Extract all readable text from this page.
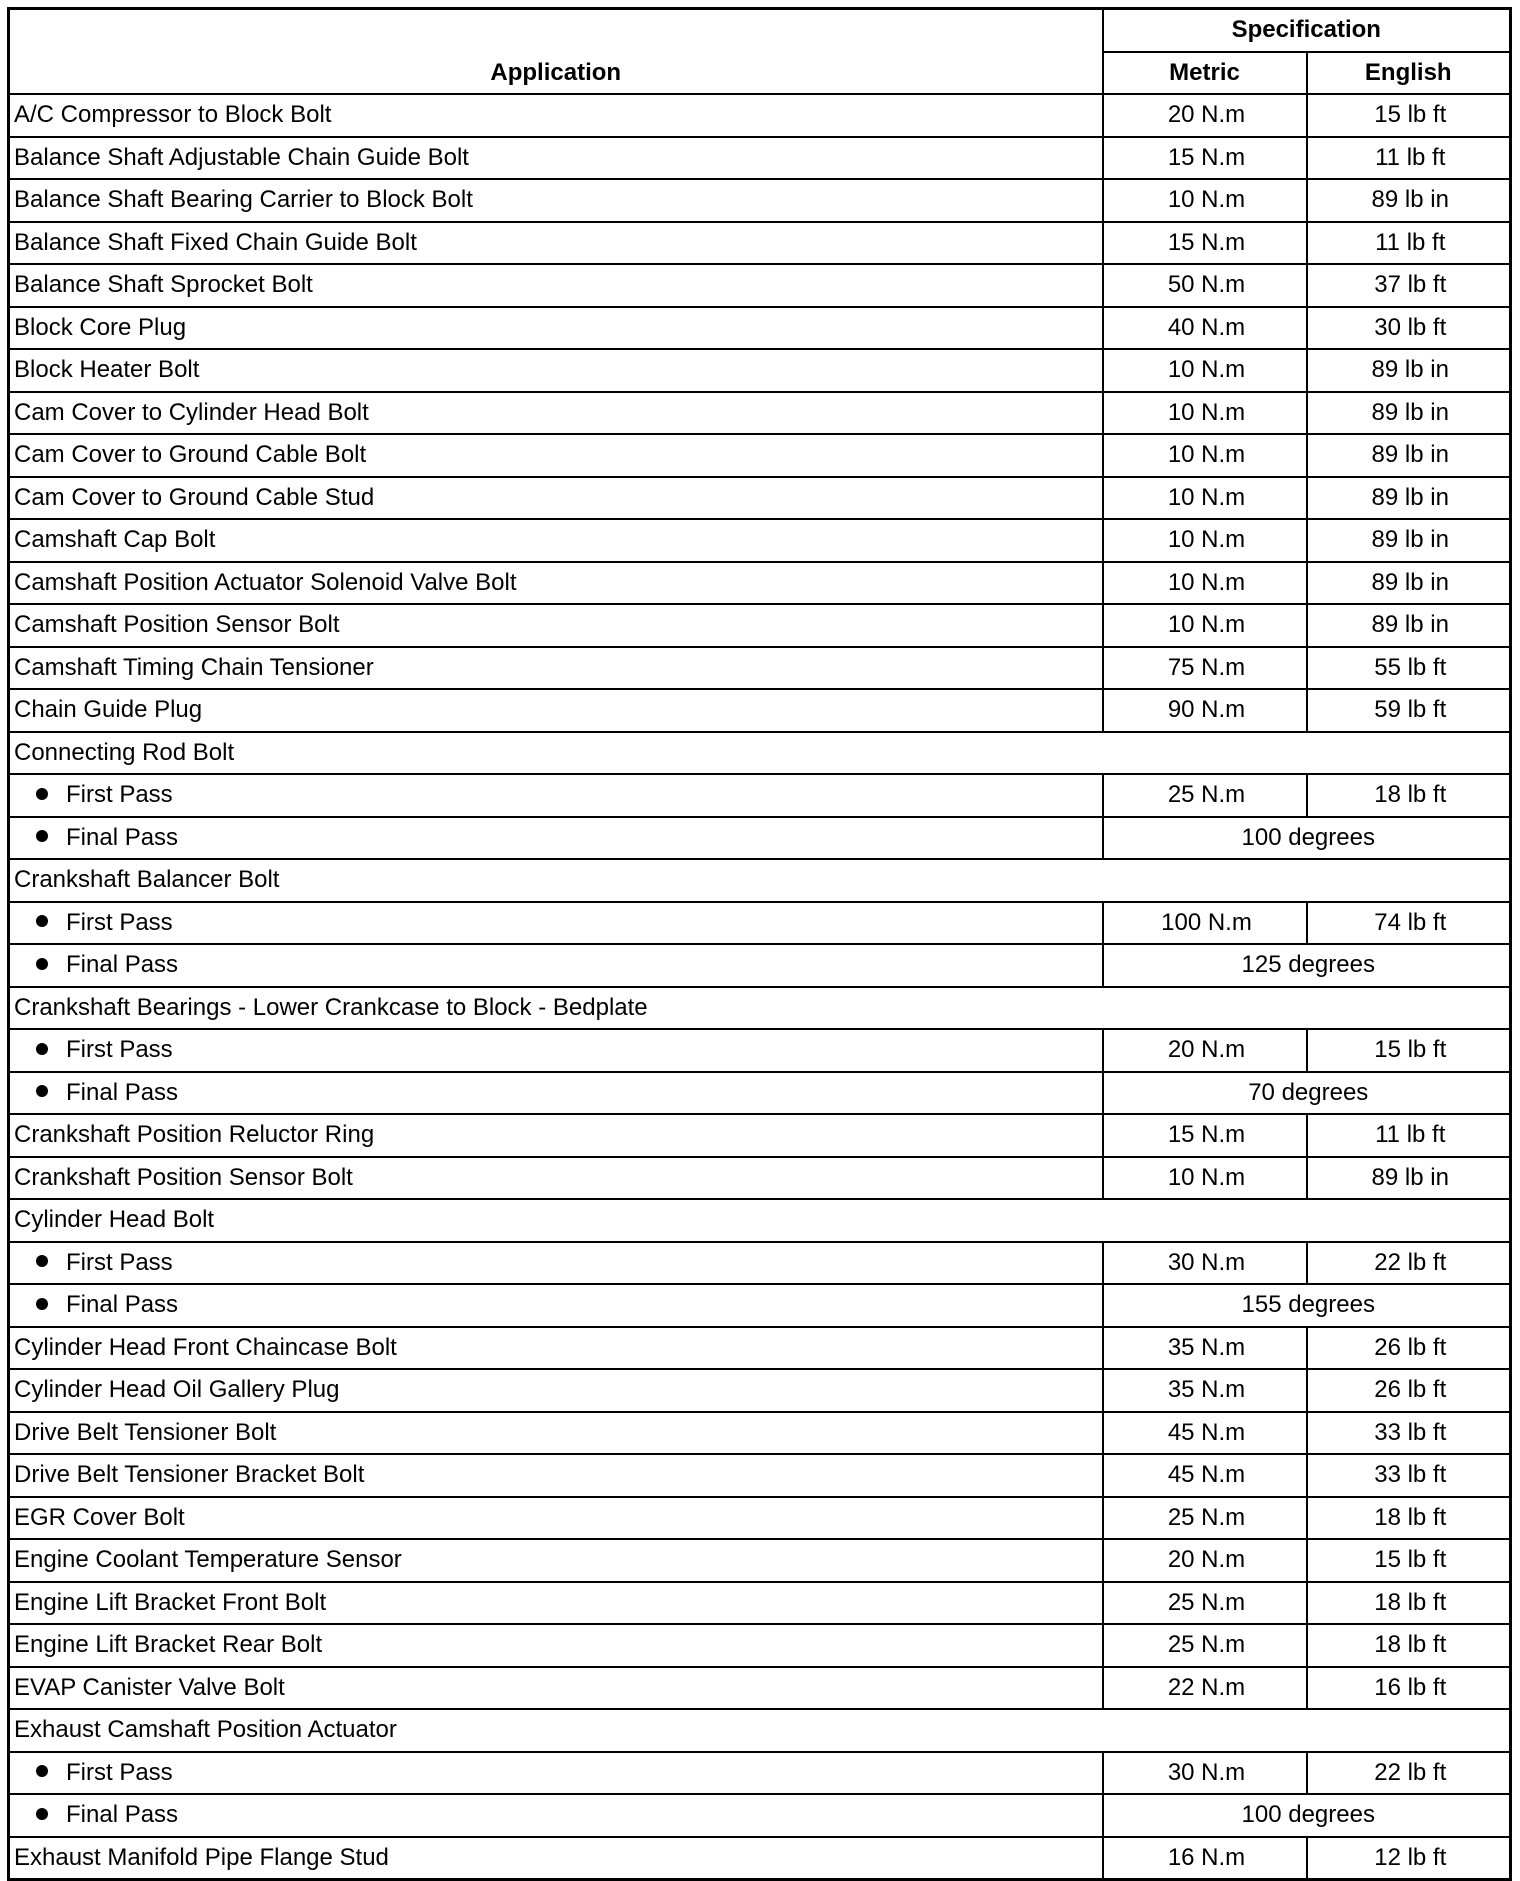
Application	Specification	
	Metric	English
A/C Compressor to Block Bolt	20 N.m	15 lb ft
Balance Shaft Adjustable Chain Guide Bolt	15 N.m	11 lb ft
Balance Shaft Bearing Carrier to Block Bolt	10 N.m	89 lb in
Balance Shaft Fixed Chain Guide Bolt	15 N.m	11 lb ft
Balance Shaft Sprocket Bolt	50 N.m	37 lb ft
Block Core Plug	40 N.m	30 lb ft
Block Heater Bolt	10 N.m	89 lb in
Cam Cover to Cylinder Head Bolt	10 N.m	89 lb in
Cam Cover to Ground Cable Bolt	10 N.m	89 lb in
Cam Cover to Ground Cable Stud	10 N.m	89 lb in
Camshaft Cap Bolt	10 N.m	89 lb in
Camshaft Position Actuator Solenoid Valve Bolt	10 N.m	89 lb in
Camshaft Position Sensor Bolt	10 N.m	89 lb in
Camshaft Timing Chain Tensioner	75 N.m	55 lb ft
Chain Guide Plug	90 N.m	59 lb ft
Connecting Rod Bolt		
First Pass	25 N.m	18 lb ft
Final Pass	100 degrees	
Crankshaft Balancer Bolt		
First Pass	100 N.m	74 lb ft
Final Pass	125 degrees	
Crankshaft Bearings - Lower Crankcase to Block - Bedplate		
First Pass	20 N.m	15 lb ft
Final Pass	70 degrees	
Crankshaft Position Reluctor Ring	15 N.m	11 lb ft
Crankshaft Position Sensor Bolt	10 N.m	89 lb in
Cylinder Head Bolt		
First Pass	30 N.m	22 lb ft
Final Pass	155 degrees	
Cylinder Head Front Chaincase Bolt	35 N.m	26 lb ft
Cylinder Head Oil Gallery Plug	35 N.m	26 lb ft
Drive Belt Tensioner Bolt	45 N.m	33 lb ft
Drive Belt Tensioner Bracket Bolt	45 N.m	33 lb ft
EGR Cover Bolt	25 N.m	18 lb ft
Engine Coolant Temperature Sensor	20 N.m	15 lb ft
Engine Lift Bracket Front Bolt	25 N.m	18 lb ft
Engine Lift Bracket Rear Bolt	25 N.m	18 lb ft
EVAP Canister Valve Bolt	22 N.m	16 lb ft
Exhaust Camshaft Position Actuator		
First Pass	30 N.m	22 lb ft
Final Pass	100 degrees	
Exhaust Manifold Pipe Flange Stud	16 N.m	12 lb ft
